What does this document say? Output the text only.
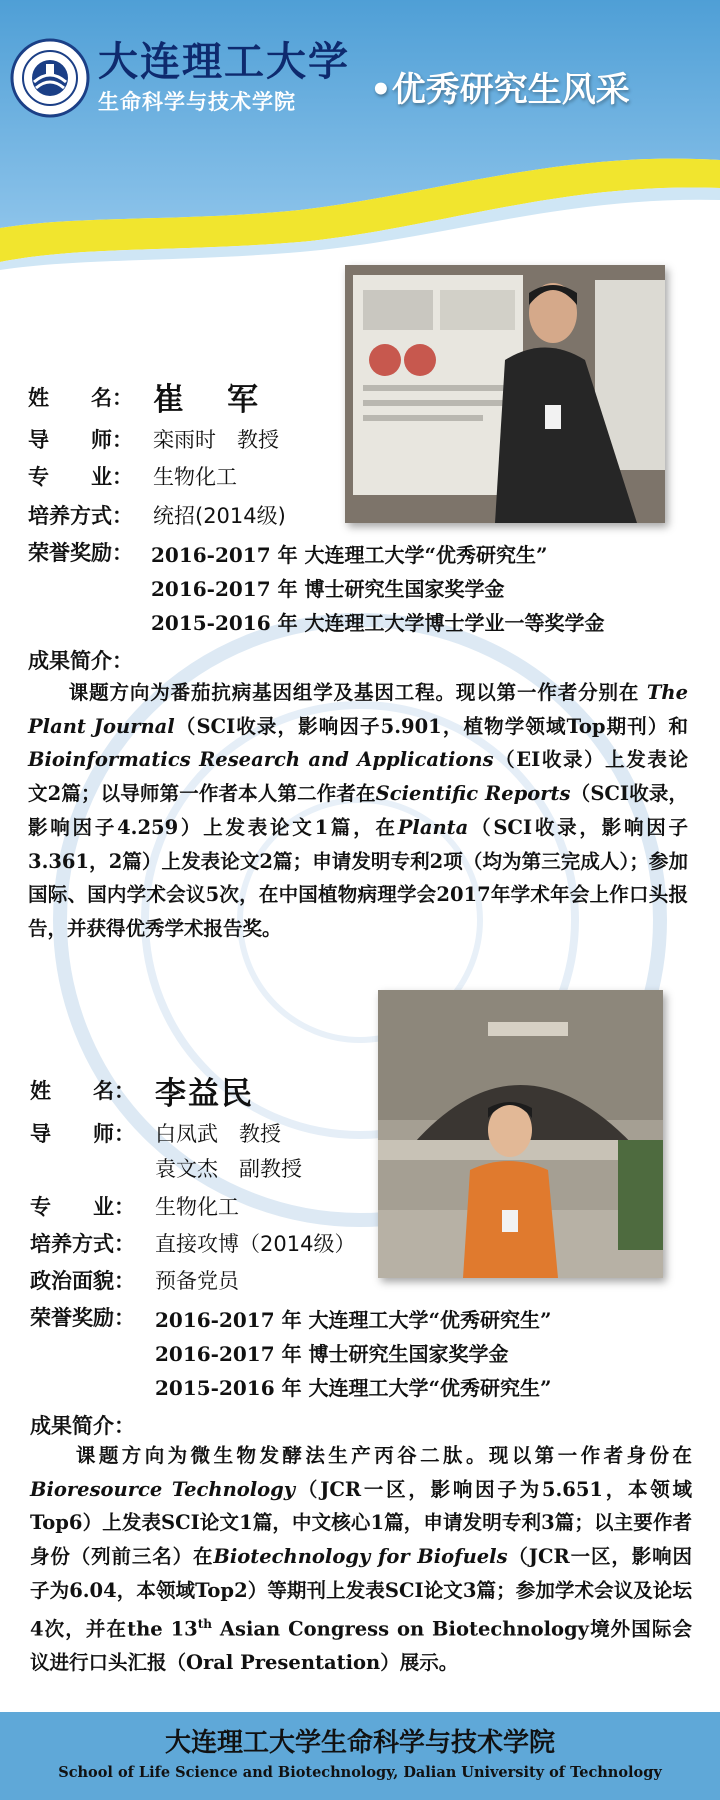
大连理工大学
生命科学与技术学院 •优秀研究生风采
姓　　名： 崔　军
导　　师： 栾雨时　教授
专　　业： 生物化工
培养方式： 统招(2014级)
荣誉奖励： 2016-2017 年 大连理工大学“优秀研究生”
2016-2017 年 博士研究生国家奖学金
2015-2016 年 大连理工大学博士学业一等奖学金
成果简介：
　　课题方向为番茄抗病基因组学及基因工程。现以第一作者分别在 The Plant Journal（SCI收录，影响因子5.901，植物学领域Top期刊）和Bioinformatics Research and Applications（EI收录）上发表论文2篇；以导师第一作者本人第二作者在Scientific Reports（SCI收录，影响因子4.259）上发表论文1篇，在Planta（SCI收录，影响因子3.361，2篇）上发表论文2篇；申请发明专利2项（均为第三完成人）；参加国际、国内学术会议5次，在中国植物病理学会2017年学术年会上作口头报告，并获得优秀学术报告奖。
姓　　名： 李益民
导　　师： 白凤武　教授
袁文杰　副教授
专　　业： 生物化工
培养方式： 直接攻博（2014级）
政治面貌： 预备党员
荣誉奖励： 2016-2017 年 大连理工大学“优秀研究生”
2016-2017 年 博士研究生国家奖学金
2015-2016 年 大连理工大学“优秀研究生”
成果简介：
　　课题方向为微生物发酵法生产丙谷二肽。现以第一作者身份在Bioresource Technology（JCR一区，影响因子为5.651，本领域Top6）上发表SCI论文1篇，中文核心1篇，申请发明专利3篇；以主要作者身份（列前三名）在Biotechnology for Biofuels（JCR一区，影响因子为6.04，本领域Top2）等期刊上发表SCI论文3篇；参加学术会议及论坛4次，并在the 13th Asian Congress on Biotechnology境外国际会议进行口头汇报（Oral Presentation）展示。
大连理工大学生命科学与技术学院
School of Life Science and Biotechnology, Dalian University of Technology
